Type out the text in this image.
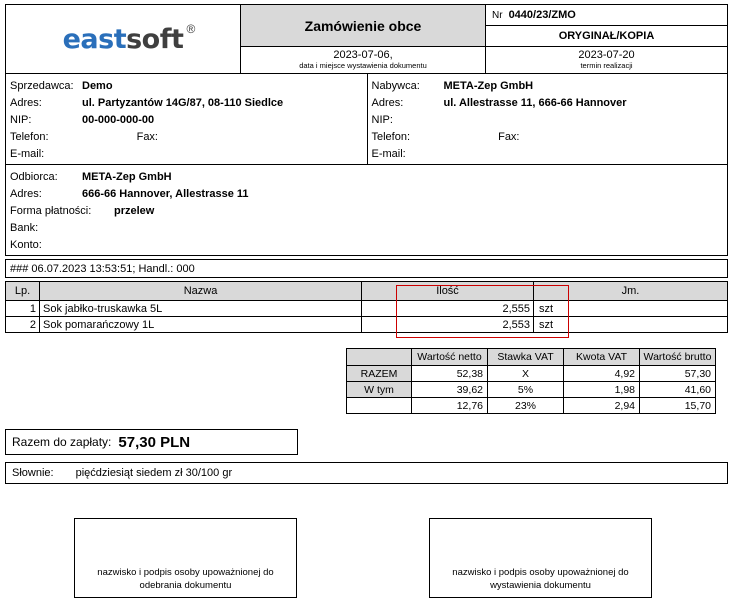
eastsoft ®	Zamówienie obce
2023-07-06,
data i miejsce wystawienia dokumentu
Nr 0440/23/ZMO
ORYGINAŁ/KOPIA
2023-07-20
termin realizacji
Sprzedawca: Demo
Adres:	ul. Partyzantów 14G/87, 08-110 Siedlce
NIP:	00-000-000-00
Telefon:	Fax:
E-mail:
Nabywca:	META-Zep GmbH
Adres:	ul. Allestrasse 11, 666-66 Hannover
NIP:
Telefon:	Fax:
E-mail:
Odbiorca:	META-Zep GmbH
Adres:	666-66 Hannover, Allestrasse 11
Forma płatności:	przelew
Bank:
Konto:
### 06.07.2023 13:53:51; Handl.: 000
Lp.	Nazwa	Ilość	Jm.
1	Sok jabłko-truskawka 5L	2,555	szt
2	Sok pomarańczowy 1L	2,553	szt
	Wartość netto	Stawka VAT	Kwota VAT	Wartość brutto
RAZEM	52,38	X	4,92	57,30
W tym	39,62	5%	1,98	41,60
	12,76	23%	2,94	15,70
Razem do zapłaty: 57,30 PLN
Słownie: pięćdziesiąt siedem zł 30/100 gr
nazwisko i podpis osoby upoważnionej do
odebrania dokumentu
nazwisko i podpis osoby upoważnionej do
wystawienia dokumentu
